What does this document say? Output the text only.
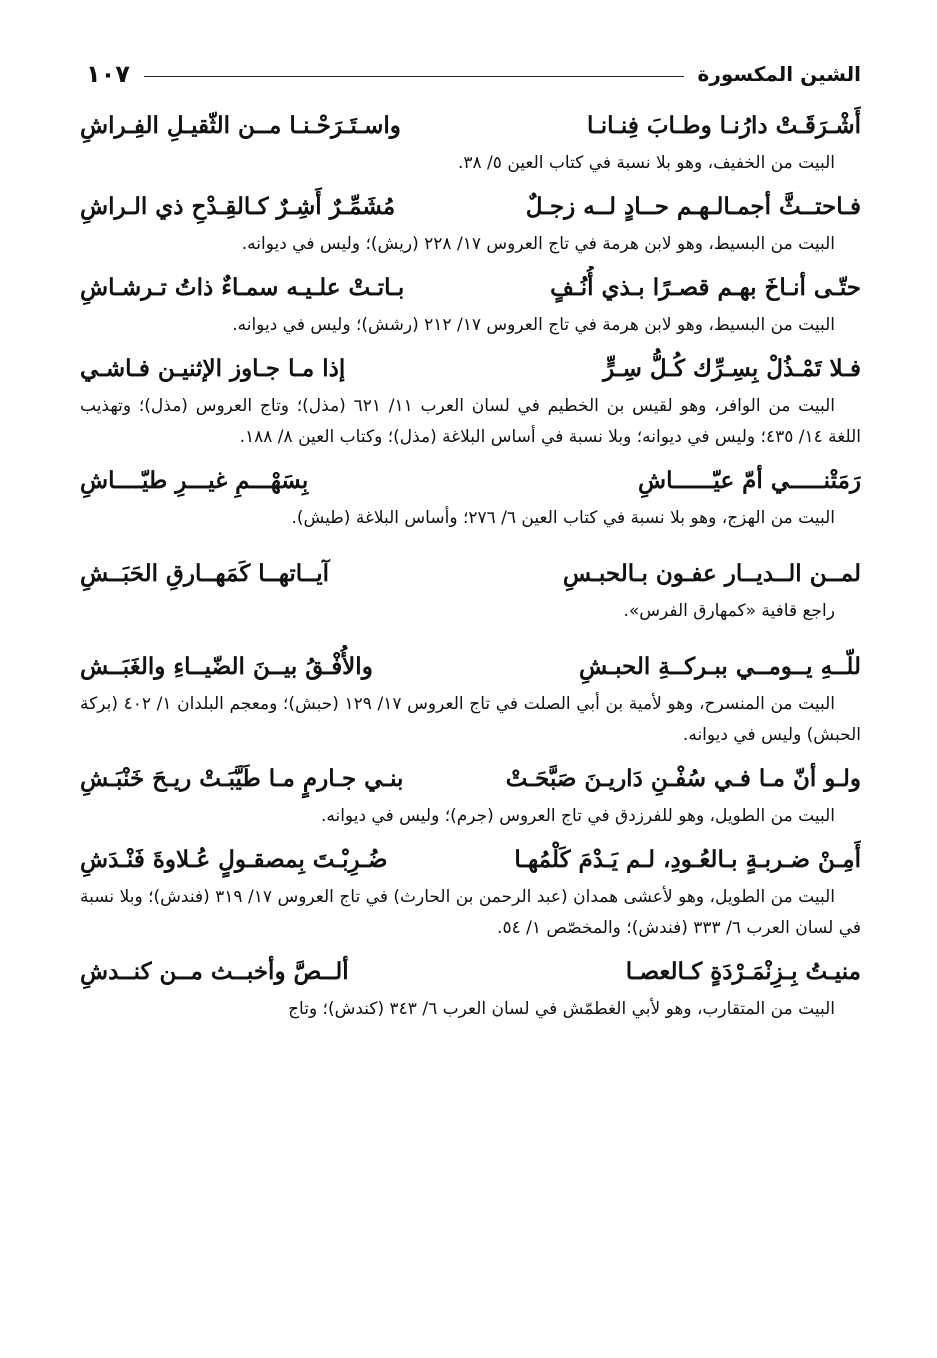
الشين المكسورة
١٠٧
أَشْـرَقَـتْ دارُنـا وطـابَ فِنـانـا
واسـتَـرَحْـنـا مــن الثّقيـلِ الفِـراشِ

البيت من الخفيف، وهو بلا نسبة في كتاب العين ٥/ ٣٨.

فـاحتــثَّ أجمـالـهـم حــادٍ لــه زجـلٌ
مُشَمِّـرٌ أَشِـرٌ كـالقِـدْحِ ذي الـراشِ

البيت من البسيط، وهو لابن هرمة في تاج العروس ١٧/ ٢٢٨ (ريش)؛ وليس في ديوانه.

حتّـى أنـاخَ بهـم قصـرًا بـذي أُنُـفٍ
بـاتـتْ علـيـه سمـاءٌ ذاتُ تـرشـاشِ

البيت من البسيط، وهو لابن هرمة في تاج العروس ١٧/ ٢١٢ (رشش)؛ وليس في ديوانه.

فـلا تَمْـذُلْ بِسِـرِّك كُـلُّ سِـرٍّ
إذا مـا جـاوز الإثنيـن فـاشـي

البيت من الوافر، وهو لقيس بن الخطيم في لسان العرب ١١/ ٦٢١ (مذل)؛ وتاج العروس (مذل)؛ وتهذيب اللغة ١٤/ ٤٣٥؛ وليس في ديوانه؛ وبلا نسبة في أساس البلاغة (مذل)؛ وكتاب العين ٨/ ١٨٨.

رَمَتْنـــــي أمّ عيّــــــاشِ
بِسَهْـــمِ غيـــرِ طيّــــاشِ

البيت من الهزج، وهو بلا نسبة في كتاب العين ٦/ ٢٧٦؛ وأساس البلاغة (طيش).

لمــن الــديــار عفـون بـالحبـسِ
آيــاتهــا كَمَهــارقِ الحَبَــشِ

راجع قافية «كمهارق الفرس».

للّــهِ يــومــي ببـركــةِ الحبـشِ
والأُفْـقُ بيــنَ الضّيــاءِ والغَبَــش

البيت من المنسرح، وهو لأمية بن أبي الصلت في تاج العروس ١٧/ ١٢٩ (حبش)؛ ومعجم البلدان ١/ ٤٠٢ (بركة الحبش) وليس في ديوانه.

ولـو أنّ مـا فـي سُفْـنِ دَاريـنَ صَبَّحَـتْ
بنـي جـارمٍ مـا طَيَّبَـتْ ريـحَ خَنْبَـشِ

البيت من الطويل، وهو للفرزدق في تاج العروس (جرم)؛ وليس في ديوانه.

أَمِـنْ ضـربـةٍ بـالعُـودِ، لـم يَـدْمَ كَلْمُهـا
ضُـرِبْـتَ بِمصقـولٍ عُـلاوةَ فَنْـدَشِ

البيت من الطويل، وهو لأعشى همدان (عبد الرحمن بن الحارث) في تاج العروس ١٧/ ٣١٩ (فندش)؛ وبلا نسبة في لسان العرب ٦/ ٣٣٣ (فندش)؛ والمخصّص ١/ ٥٤.

منيـتُ بِـزِنْمَـرْدَةٍ كـالعصـا
ألــصَّ وأخبــث مــن كنــدشِ

البيت من المتقارب، وهو لأبي الغطمّش في لسان العرب ٦/ ٣٤٣ (كندش)؛ وتاج
